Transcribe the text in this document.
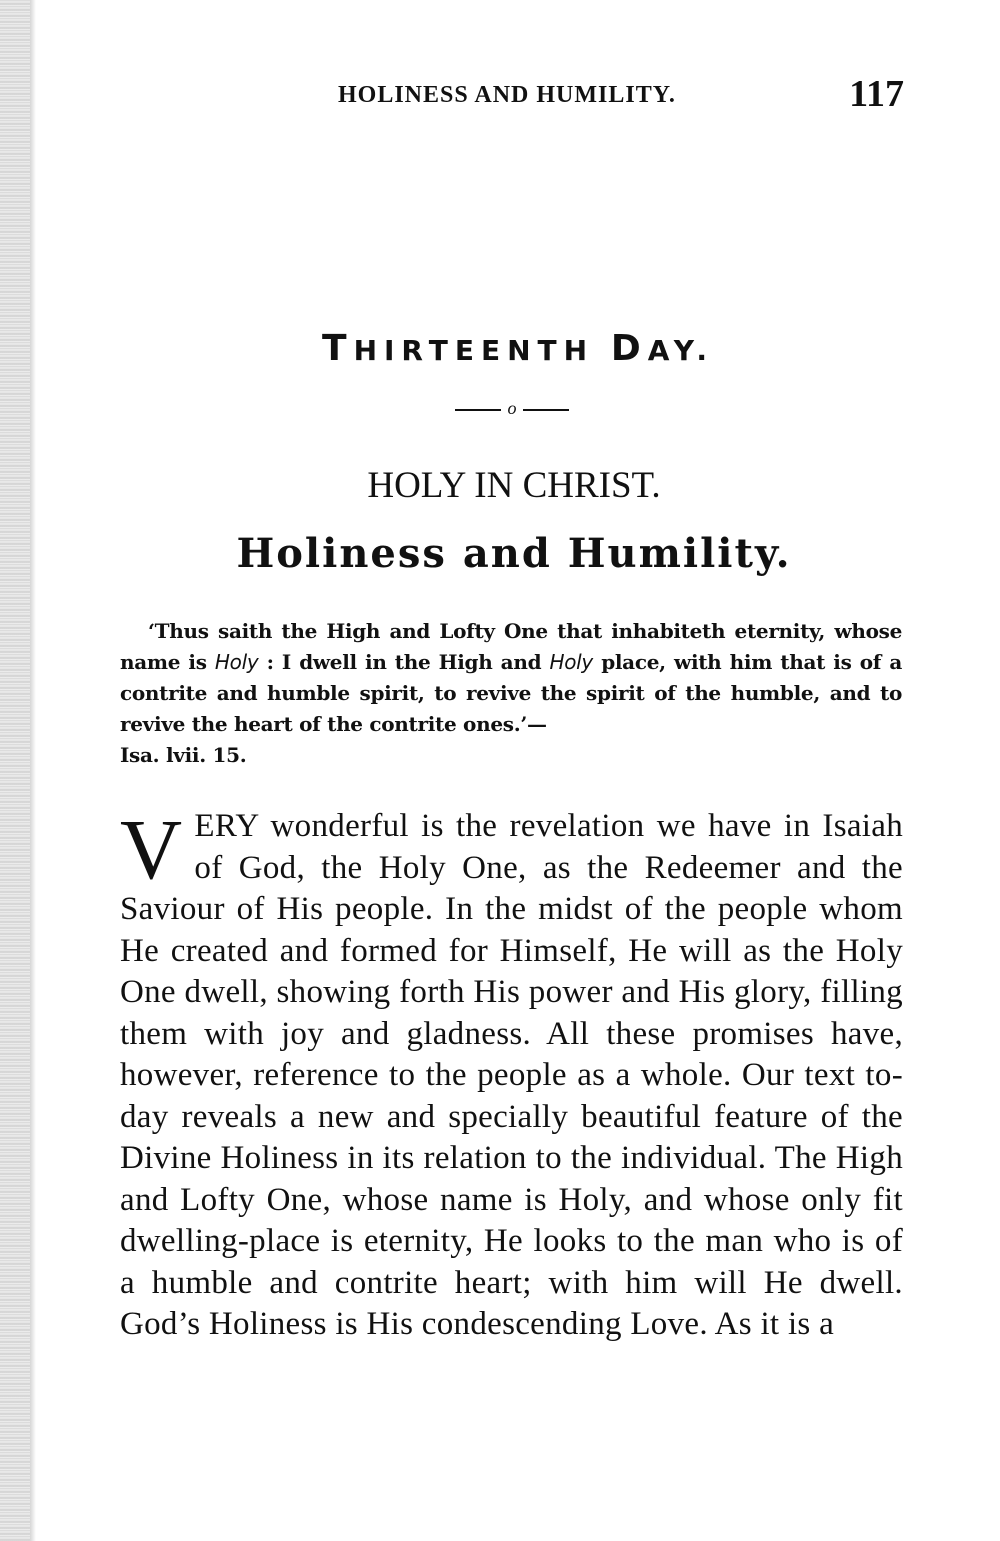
HOLINESS AND HUMILITY.	117
THIRTEENTH DAY.
o
HOLY IN CHRIST.
Holiness and Humility.
‘Thus saith the High and Lofty One that inhabiteth eternity, whose name is Holy : I dwell in the High and Holy place, with him that is of a contrite and humble spirit, to revive the spirit of the humble, and to revive the heart of the contrite ones.’—
Isa. lvii. 15.
VERY wonderful is the revelation we have in Isaiah of God, the Holy One, as the Redeemer and the Saviour of His people. In the midst of the people whom He created and formed for Himself, He will as the Holy One dwell, showing forth His power and His glory, filling them with joy and gladness. All these promises have, however, reference to the people as a whole. Our text to-day reveals a new and specially beautiful feature of the Divine Holiness in its relation to the individual. The High and Lofty One, whose name is Holy, and whose only fit dwelling-place is eternity, He looks to the man who is of a humble and contrite heart; with him will He dwell. God’s Holiness is His condescending Love. As it is a
